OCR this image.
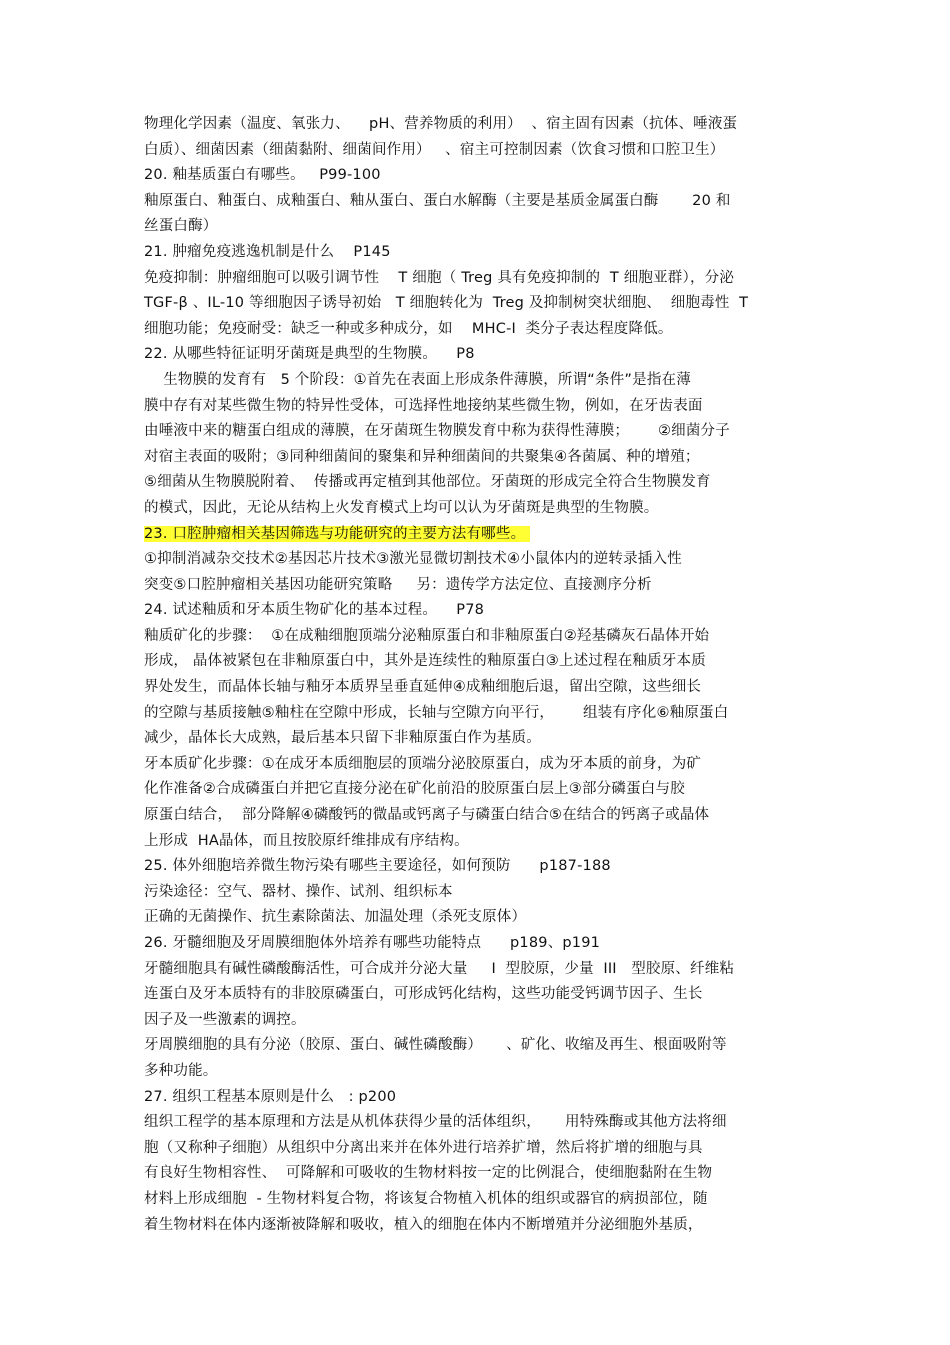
物理化学因素（温度、氧张力、    pH、营养物质的利用）  、宿主固有因素（抗体、唾液蛋
白质）、细菌因素（细菌黏附、细菌间作用）   、宿主可控制因素（饮食习惯和口腔卫生）
20. 釉基质蛋白有哪些。   P99-100
釉原蛋白、釉蛋白、成釉蛋白、釉从蛋白、蛋白水解酶（主要是基质金属蛋白酶       20 和
丝蛋白酶）
21. 肿瘤免疫逃逸机制是什么    P145
免疫抑制：肿瘤细胞可以吸引调节性    T 细胞（ Treg 具有免疫抑制的  T 细胞亚群），分泌
TGF-β 、IL-10 等细胞因子诱导初始   T 细胞转化为  Treg 及抑制树突状细胞、  细胞毒性  T
细胞功能；免疫耐受：缺乏一种或多种成分，如    MHC-I  类分子表达程度降低。
22. 从哪些特征证明牙菌斑是典型的生物膜。    P8
生物膜的发育有   5 个阶段：①首先在表面上形成条件薄膜，所谓“条件”是指在薄
膜中存有对某些微生物的特异性受体，可选择性地接纳某些微生物，例如，在牙齿表面
由唾液中来的糖蛋白组成的薄膜，在牙菌斑生物膜发育中称为获得性薄膜；      ②细菌分子
对宿主表面的吸附；③同种细菌间的聚集和异种细菌间的共聚集④各菌属、种的增殖；
⑤细菌从生物膜脱附着、  传播或再定植到其他部位。牙菌斑的形成完全符合生物膜发育
的模式，因此，无论从结构上火发育模式上均可以认为牙菌斑是典型的生物膜。
23. 口腔肿瘤相关基因筛选与功能研究的主要方法有哪些。
①抑制消减杂交技术②基因芯片技术③激光显微切割技术④小鼠体内的逆转录插入性
突变⑤口腔肿瘤相关基因功能研究策略     另：遗传学方法定位、直接测序分析
24. 试述釉质和牙本质生物矿化的基本过程。    P78
釉质矿化的步骤：  ①在成釉细胞顶端分泌釉原蛋白和非釉原蛋白②羟基磷灰石晶体开始
形成， 晶体被紧包在非釉原蛋白中，其外是连续性的釉原蛋白③上述过程在釉质牙本质
界处发生，而晶体长轴与釉牙本质界呈垂直延伸④成釉细胞后退，留出空隙，这些细长
的空隙与基质接触⑤釉柱在空隙中形成，长轴与空隙方向平行，      组装有序化⑥釉原蛋白
减少，晶体长大成熟，最后基本只留下非釉原蛋白作为基质。
牙本质矿化步骤：①在成牙本质细胞层的顶端分泌胶原蛋白，成为牙本质的前身，为矿
化作准备②合成磷蛋白并把它直接分泌在矿化前沿的胶原蛋白层上③部分磷蛋白与胶
原蛋白结合，  部分降解④磷酸钙的微晶或钙离子与磷蛋白结合⑤在结合的钙离子或晶体
上形成  HA晶体，而且按胶原纤维排成有序结构。
25. 体外细胞培养微生物污染有哪些主要途径，如何预防      p187-188
污染途径：空气、器材、操作、试剂、组织标本
正确的无菌操作、抗生素除菌法、加温处理（杀死支原体）
26. 牙髓细胞及牙周膜细胞体外培养有哪些功能特点      p189、p191
牙髓细胞具有碱性磷酸酶活性，可合成并分泌大量     I  型胶原，少量  III   型胶原、纤维粘
连蛋白及牙本质特有的非胶原磷蛋白，可形成钙化结构，这些功能受钙调节因子、生长
因子及一些激素的调控。
牙周膜细胞的具有分泌（胶原、蛋白、碱性磷酸酶）     、矿化、收缩及再生、根面吸附等
多种功能。
27. 组织工程基本原则是什么   : p200
组织工程学的基本原理和方法是从机体获得少量的活体组织，     用特殊酶或其他方法将细
胞（又称种子细胞）从组织中分离出来并在体外进行培养扩增，然后将扩增的细胞与具
有良好生物相容性、  可降解和可吸收的生物材料按一定的比例混合，使细胞黏附在生物
材料上形成细胞  - 生物材料复合物，将该复合物植入机体的组织或器官的病损部位，随
着生物材料在体内逐渐被降解和吸收，植入的细胞在体内不断增殖并分泌细胞外基质，
